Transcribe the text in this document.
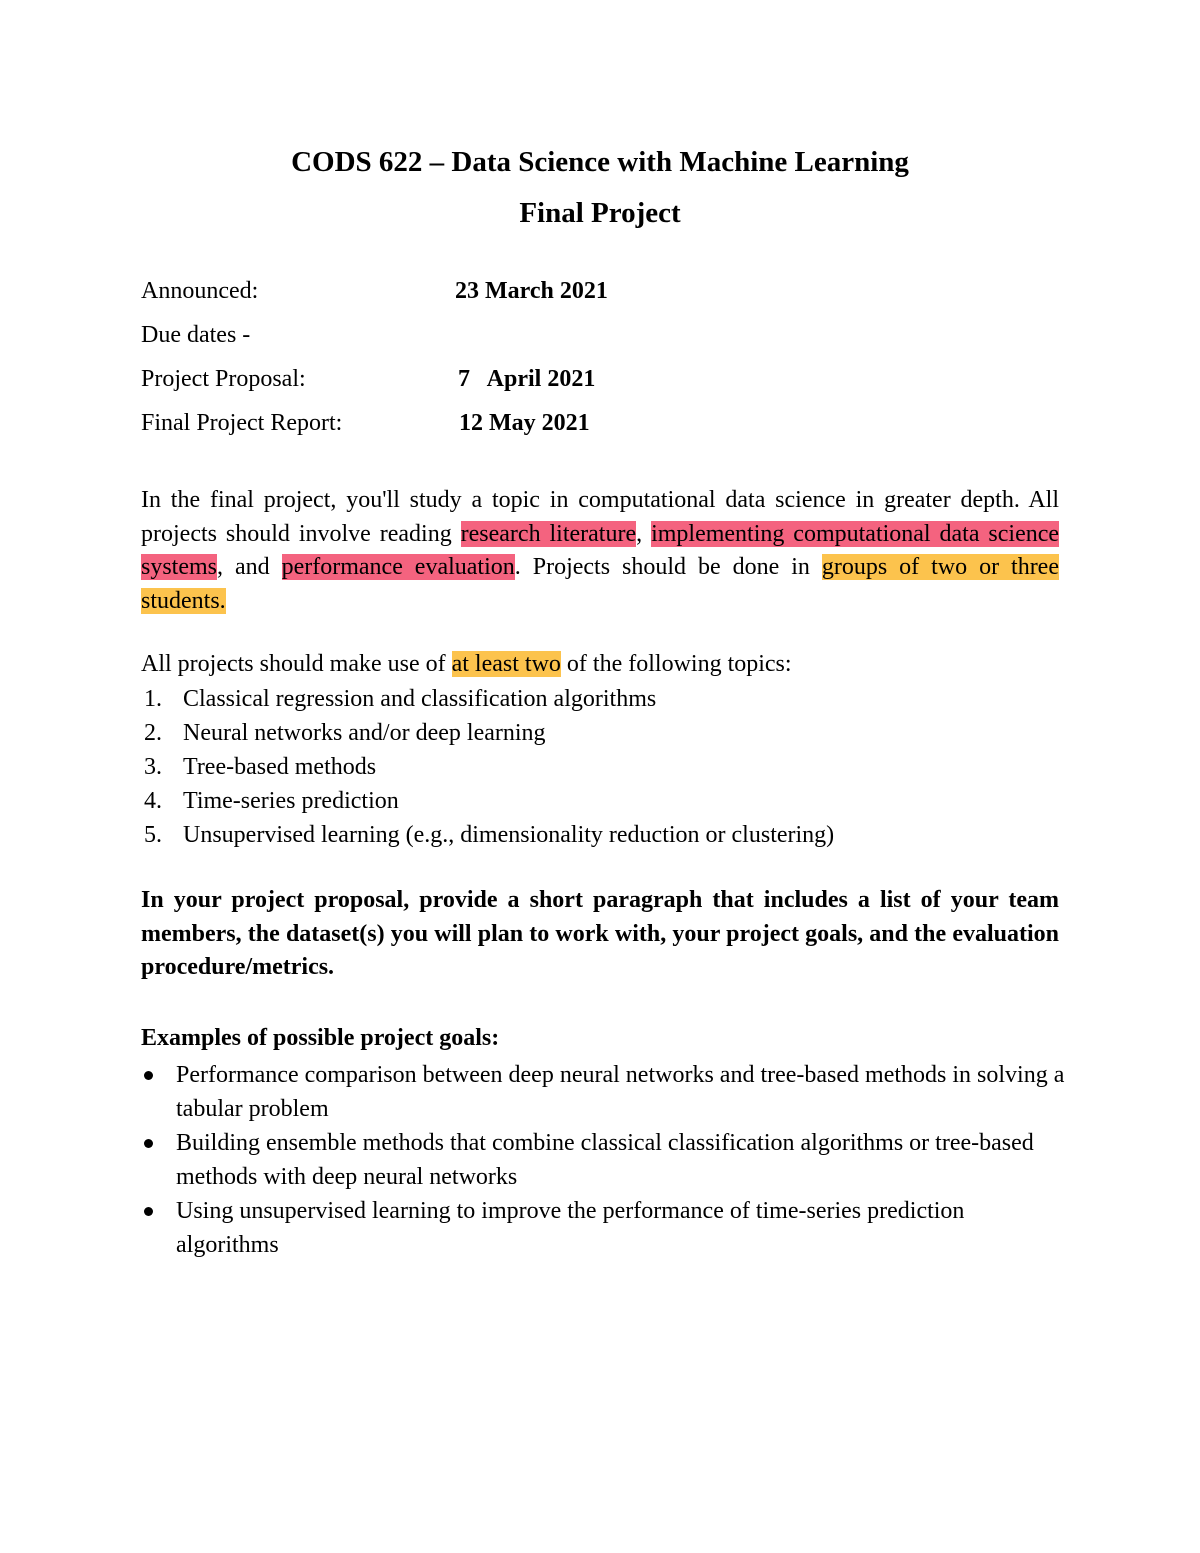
CODS 622 – Data Science with Machine Learning
Final Project
Announced:	23 March 2021
Due dates -
Project Proposal:	7   April 2021
Final Project Report:	12 May 2021
In the final project, you'll study a topic in computational data science in greater depth. All projects should involve reading research literature, implementing computational data science systems, and performance evaluation. Projects should be done in groups of two or three students.
All projects should make use of at least two of the following topics:
1. Classical regression and classification algorithms
2. Neural networks and/or deep learning
3. Tree-based methods
4. Time-series prediction
5. Unsupervised learning (e.g., dimensionality reduction or clustering)
In your project proposal, provide a short paragraph that includes a list of your team members, the dataset(s) you will plan to work with, your project goals, and the evaluation procedure/metrics.
Examples of possible project goals:
Performance comparison between deep neural networks and tree-based methods in solving a tabular problem
Building ensemble methods that combine classical classification algorithms or tree-based methods with deep neural networks
Using unsupervised learning to improve the performance of time-series prediction algorithms
